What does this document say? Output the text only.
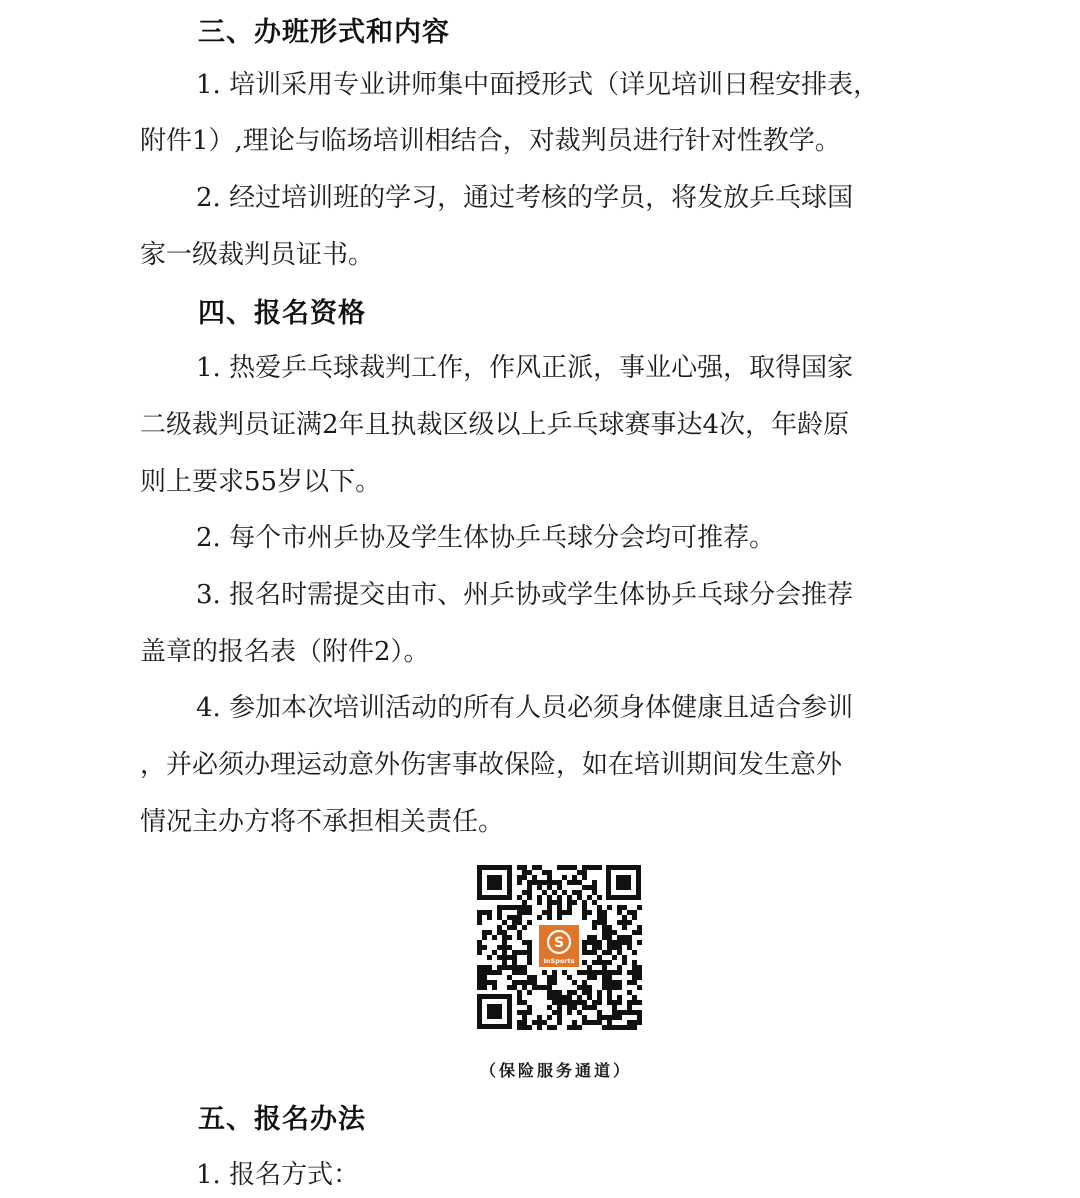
三、办班形式和内容
1. 培训采用专业讲师集中面授形式（详见培训日程安排表，
附件1）,理论与临场培训相结合，对裁判员进行针对性教学。
2. 经过培训班的学习，通过考核的学员，将发放乒乓球国
家一级裁判员证书。
四、报名资格
1. 热爱乒乓球裁判工作，作风正派，事业心强，取得国家
二级裁判员证满2年且执裁区级以上乒乓球赛事达4次，年龄原
则上要求55岁以下。
2. 每个市州乒协及学生体协乒乓球分会均可推荐。
3. 报名时需提交由市、州乒协或学生体协乒乓球分会推荐
盖章的报名表（附件2）。
4. 参加本次培训活动的所有人员必须身体健康且适合参训
，并必须办理运动意外伤害事故保险，如在培训期间发生意外
情况主办方将不承担相关责任。
S
InSports
（保险服务通道）
五、报名办法
1. 报名方式：
